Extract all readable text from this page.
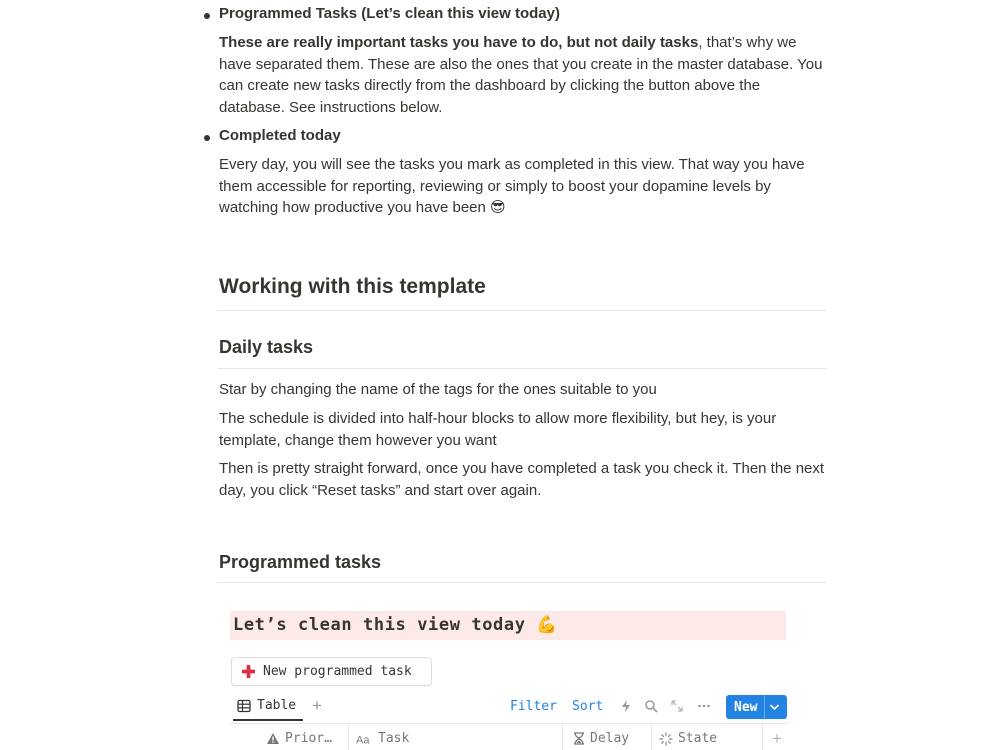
Programmed Tasks (Let’s clean this view today)

These are really important tasks you have to do, but not daily tasks, that’s why we have separated them. These are also the ones that you create in the master database. You can create new tasks directly from the dashboard by clicking the button above the database. See instructions below.

Completed today

Every day, you will see the tasks you mark as completed in this view. That way you have them accessible for reporting, reviewing or simply to boost your dopamine levels by watching how productive you have been 😎

Working with this template
Daily tasks

Star by changing the name of the tags for the ones suitable to you

The schedule is divided into half-hour blocks to allow more flexibility, but hey, is your template, change them however you want

Then is pretty straight forward, once you have completed a task you check it. Then the next day, you click “Reset tasks” and start over again.

Programmed tasks
Let’s clean this view today 💪
New programmed task
Table +	Filter Sort	New
Prior… Aa Task	Delay	State	+
